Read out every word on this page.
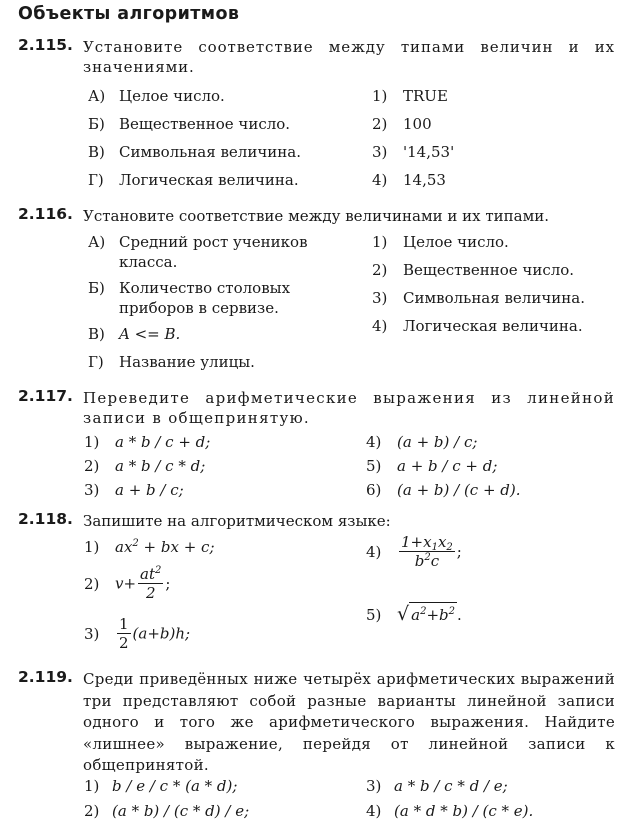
Объекты алгоритмов
2.115. Установите соответствие между типами величин и их значениями.
А) Целое число.
Б) Вещественное число.
В) Символьная величина.
Г) Логическая величина.
1) TRUE
2) 100
3) '14,53'
4) 14,53
2.116. Установите соответствие между величинами и их типами.
А) Средний рост учеников класса.
Б) Количество столовых приборов в сервизе.
В) A <= B.
Г) Название улицы.
1) Целое число.
2) Вещественное число.
3) Символьная величина.
4) Логическая величина.
2.117. Переведите арифметические выражения из линейной записи в общепринятую.
1) a * b / c + d;
2) a * b / c * d;
3) a + b / c;
4) (a + b) / c;
5) a + b / c + d;
6) (a + b) / (c + d).
2.118. Запишите на алгоритмическом языке:
1) $ax^2$ + bx + c;
2) $v+ \frac{at^2}{2}$ ;
$3) \frac{1}{2} (a+b)h$;
$4) \frac{1+x_1x_2}{b^2c}$ ;
5) √ $a^2+b^2$ .
2.119. Среди приведённых ниже четырёх арифметических выражений три представляют собой разные варианты линейной записи одного и того же арифметического выражения. Найдите «лишнее» выражение, перейдя от линейной записи к общепринятой.
1) b / e / c * (a * d);
2) (a * b) / (c * d) / e;
3) a * b / c * d / e;
4) (a * d * b) / (c * e).
